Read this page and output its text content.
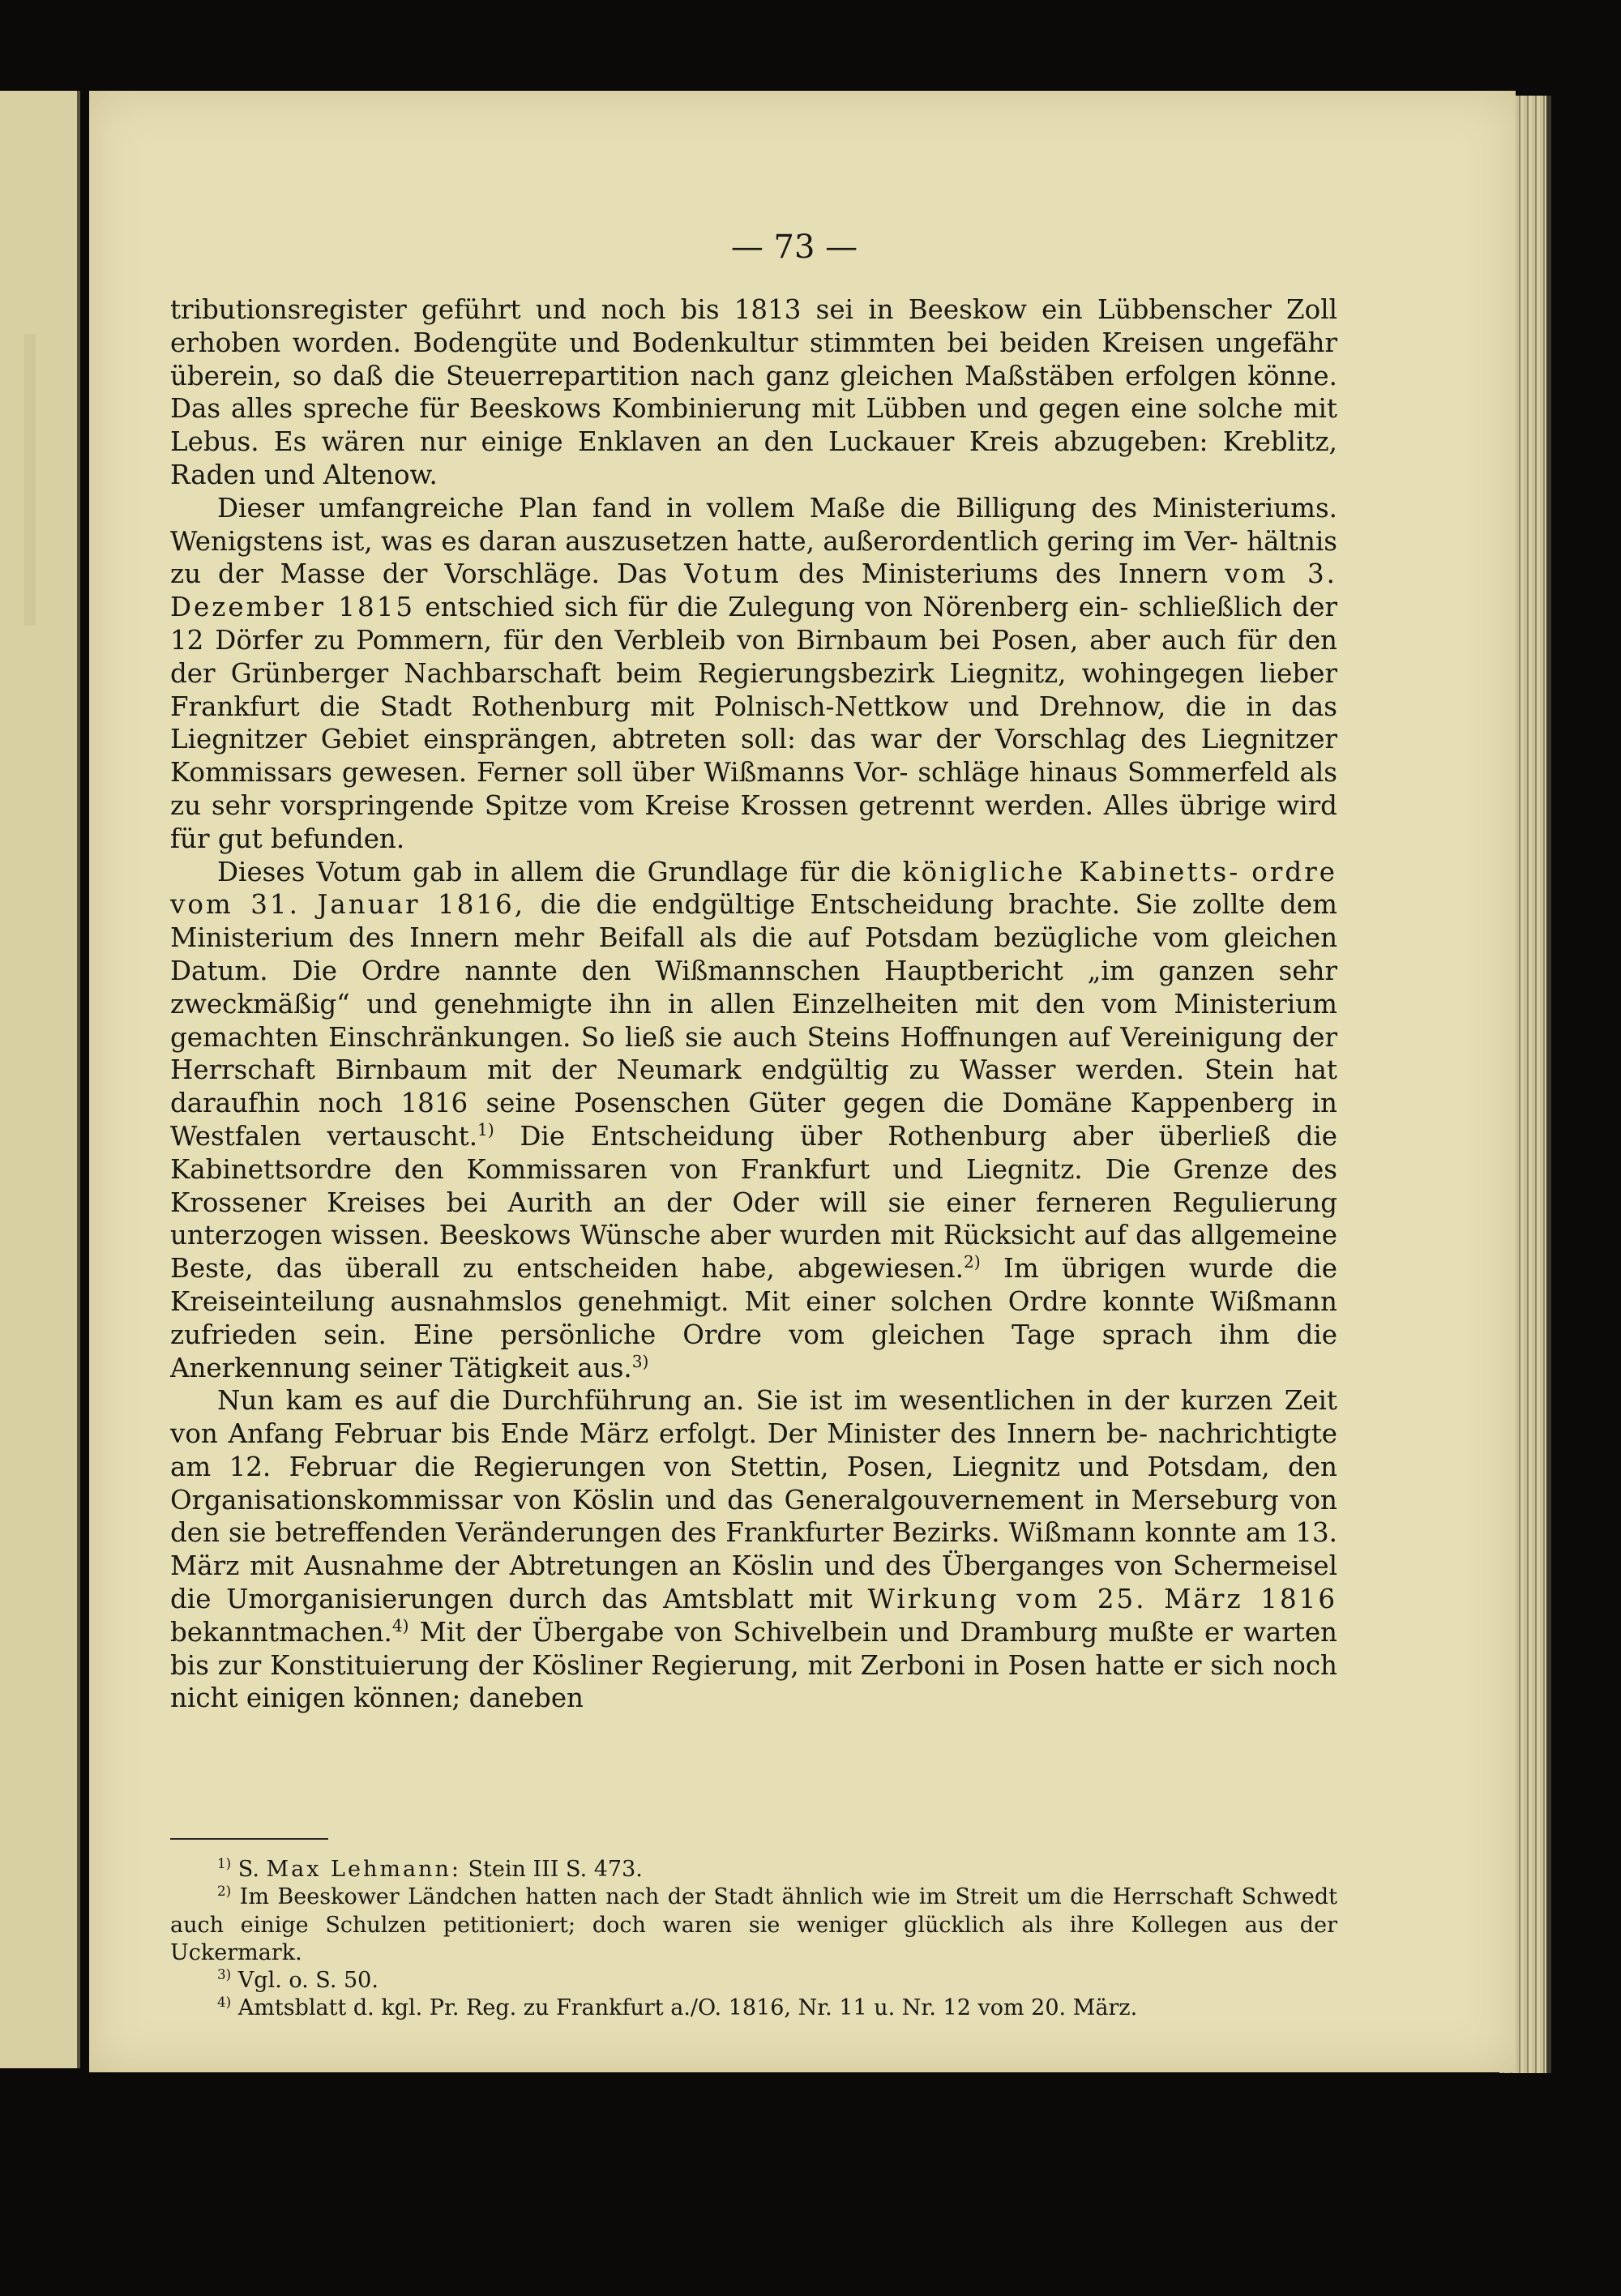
— 73 —

tributionsregister geführt und noch bis 1813 sei in Beeskow ein Lübbenscher Zoll erhoben worden. Bodengüte und Bodenkultur stimmten bei beiden Kreisen ungefähr überein, so daß die Steuerrepartition nach ganz gleichen Maßstäben erfolgen könne. Das alles spreche für Beeskows Kombinierung mit Lübben und gegen eine solche mit Lebus. Es wären nur einige Enklaven an den Luckauer Kreis abzugeben: Kreblitz, Raden und Altenow.

Dieser umfangreiche Plan fand in vollem Maße die Billigung des Ministeriums. Wenigstens ist, was es daran auszusetzen hatte, außerordentlich gering im Ver- hältnis zu der Masse der Vorschläge. Das Votum des Ministeriums des Innern vom 3. Dezember 1815 entschied sich für die Zulegung von Nörenberg ein- schließlich der 12 Dörfer zu Pommern, für den Verbleib von Birnbaum bei Posen, aber auch für den der Grünberger Nachbarschaft beim Regierungsbezirk Liegnitz, wohingegen lieber Frankfurt die Stadt Rothenburg mit Polnisch-Nettkow und Drehnow, die in das Liegnitzer Gebiet einsprängen, abtreten soll: das war der Vorschlag des Liegnitzer Kommissars gewesen. Ferner soll über Wißmanns Vor- schläge hinaus Sommerfeld als zu sehr vorspringende Spitze vom Kreise Krossen getrennt werden. Alles übrige wird für gut befunden.

Dieses Votum gab in allem die Grundlage für die königliche Kabinetts- ordre vom 31. Januar 1816, die die endgültige Entscheidung brachte. Sie zollte dem Ministerium des Innern mehr Beifall als die auf Potsdam bezügliche vom gleichen Datum. Die Ordre nannte den Wißmannschen Hauptbericht „im ganzen sehr zweckmäßig“ und genehmigte ihn in allen Einzelheiten mit den vom Ministerium gemachten Einschränkungen. So ließ sie auch Steins Hoffnungen auf Vereinigung der Herrschaft Birnbaum mit der Neumark endgültig zu Wasser werden. Stein hat daraufhin noch 1816 seine Posenschen Güter gegen die Domäne Kappenberg in Westfalen vertauscht.$^{1)}$ Die Entscheidung über Rothenburg aber überließ die Kabinettsordre den Kommissaren von Frankfurt und Liegnitz. Die Grenze des Krossener Kreises bei Aurith an der Oder will sie einer ferneren Regulierung unterzogen wissen. Beeskows Wünsche aber wurden mit Rücksicht auf das allgemeine Beste, das überall zu entscheiden habe, abgewiesen.$^{2)}$ Im übrigen wurde die Kreiseinteilung ausnahmslos genehmigt. Mit einer solchen Ordre konnte Wißmann zufrieden sein. Eine persönliche Ordre vom gleichen Tage sprach ihm die Anerkennung seiner Tätigkeit aus.$^{3)}$

Nun kam es auf die Durchführung an. Sie ist im wesentlichen in der kurzen Zeit von Anfang Februar bis Ende März erfolgt. Der Minister des Innern be- nachrichtigte am 12. Februar die Regierungen von Stettin, Posen, Liegnitz und Potsdam, den Organisationskommissar von Köslin und das Generalgouvernement in Merseburg von den sie betreffenden Veränderungen des Frankfurter Bezirks. Wißmann konnte am 13. März mit Ausnahme der Abtretungen an Köslin und des Überganges von Schermeisel die Umorganisierungen durch das Amtsblatt mit Wirkung vom 25. März 1816 bekanntmachen.$^{4)}$ Mit der Übergabe von Schivelbein und Dramburg mußte er warten bis zur Konstituierung der Kösliner Regierung, mit Zerboni in Posen hatte er sich noch nicht einigen können; daneben

$^{1)}$ S. Max Lehmann: Stein III S. 473.

$^{2)}$ Im Beeskower Ländchen hatten nach der Stadt ähnlich wie im Streit um die Herrschaft Schwedt auch einige Schulzen petitioniert; doch waren sie weniger glücklich als ihre Kollegen aus der Uckermark.

$^{3)}$ Vgl. o. S. 50.

$^{4)}$ Amtsblatt d. kgl. Pr. Reg. zu Frankfurt a./O. 1816, Nr. 11 u. Nr. 12 vom 20. März.
